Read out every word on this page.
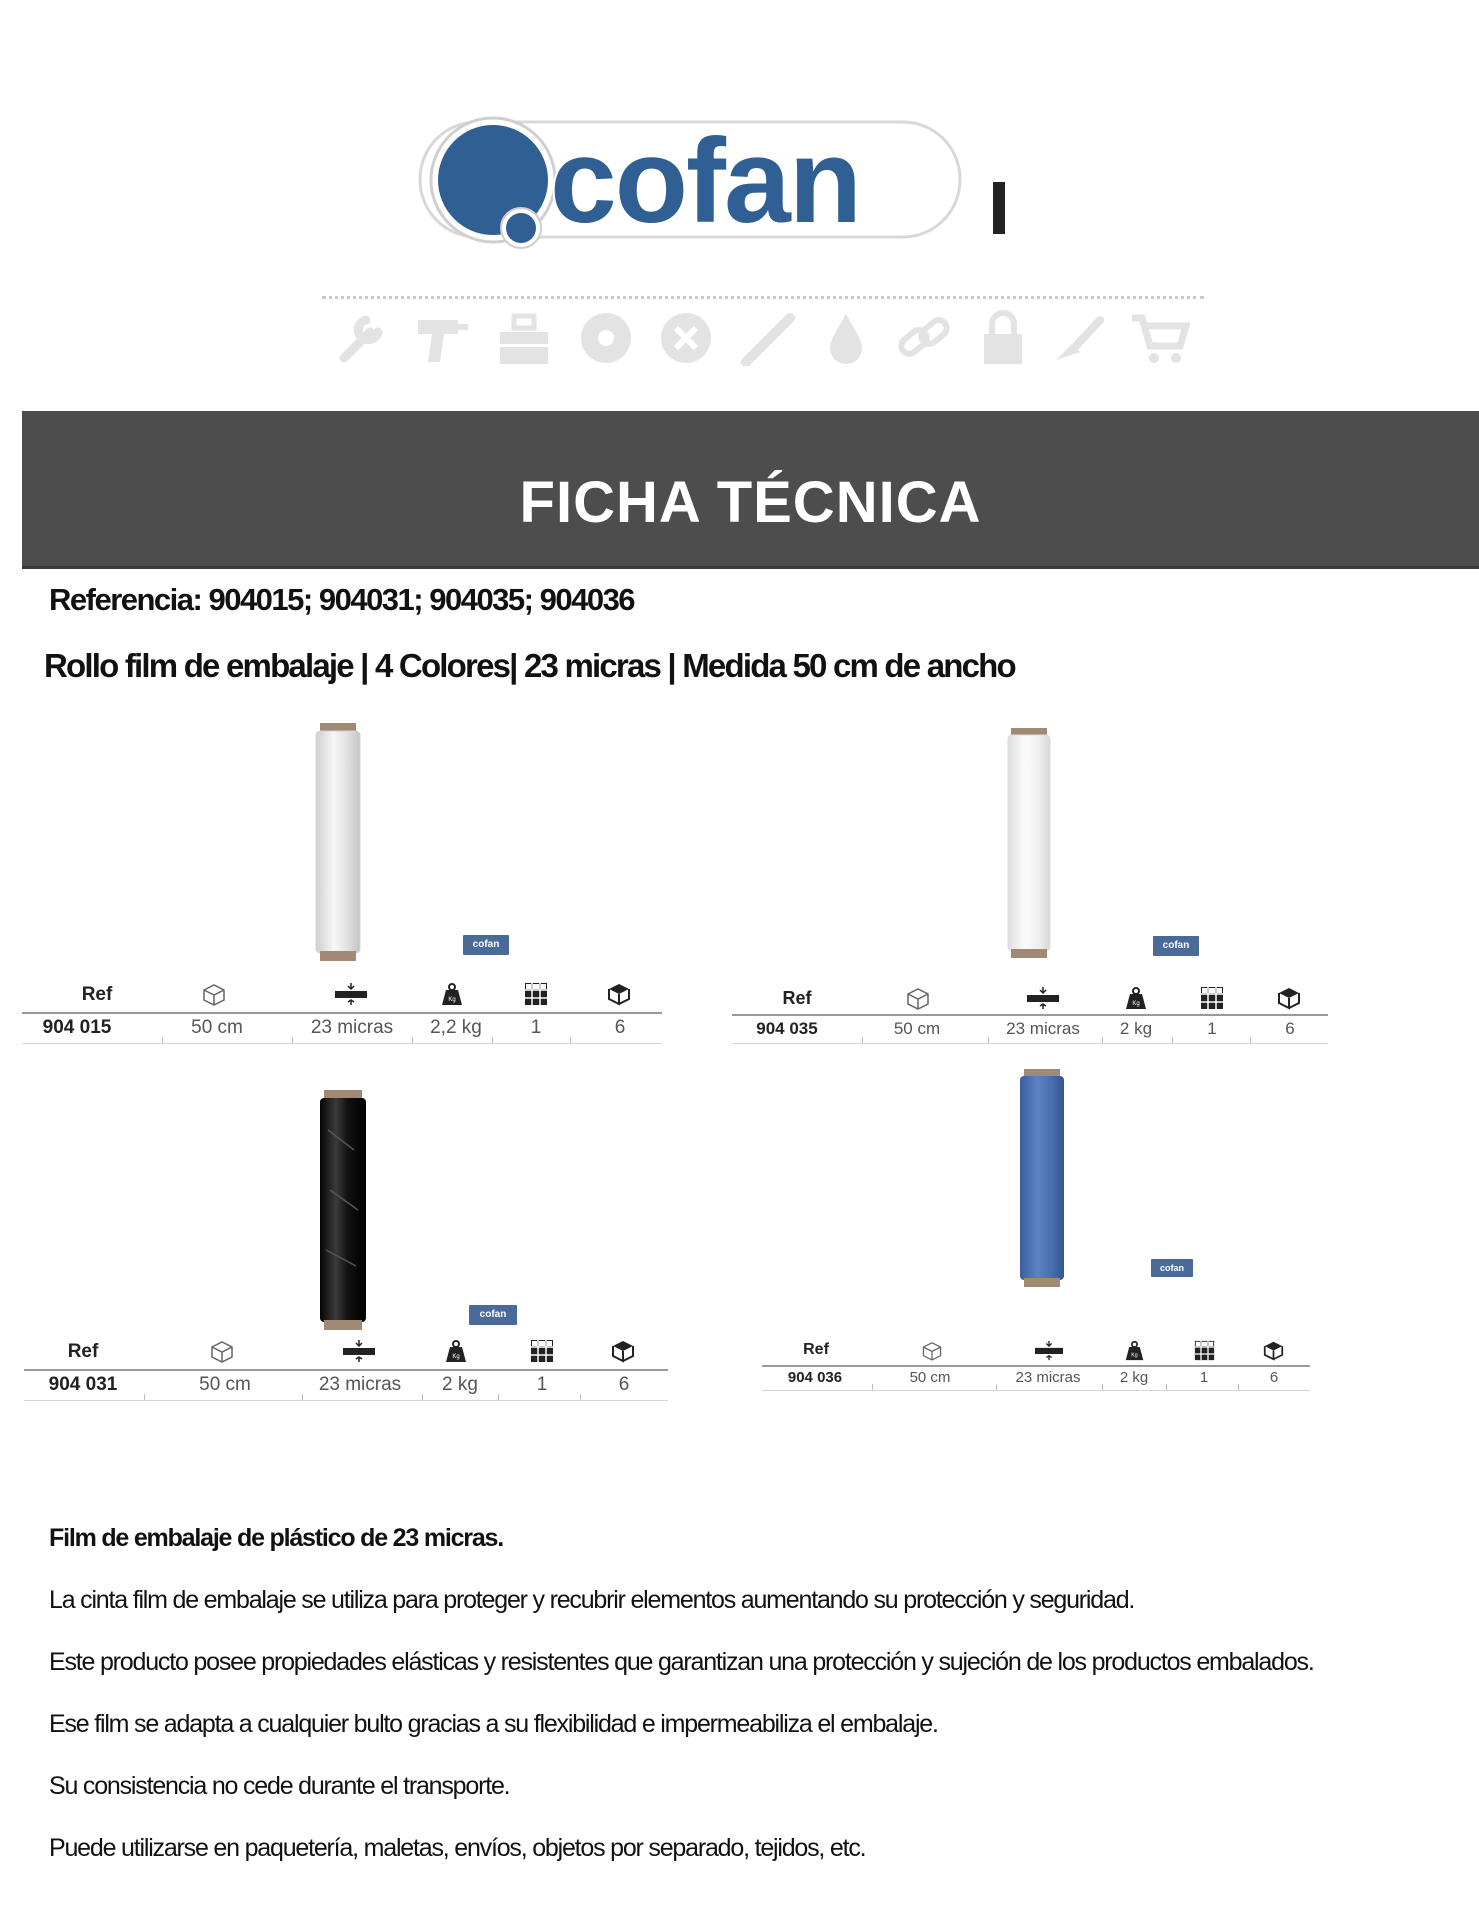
cofan
FICHA TÉCNICA
Referencia: 904015; 904031; 904035; 904036
Rollo film de embalaje | 4 Colores| 23 micras | Medida 50 cm de ancho
cofan
Ref	Kg
904 015	50 cm	23 micras	2,2 kg	1	6
cofan
Ref	Kg
904 035	50 cm	23 micras	2 kg	1	6
cofan
Ref	Kg
904 031	50 cm	23 micras	2 kg	1	6
cofan
Ref	Kg
904 036	50 cm	23 micras	2 kg	1	6
Film de embalaje de plástico de 23 micras.
La cinta film de embalaje se utiliza para proteger y recubrir elementos aumentando su protección y seguridad.
Este producto posee propiedades elásticas y resistentes que garantizan una protección y sujeción de los productos embalados.
Ese film se adapta a cualquier bulto gracias a su flexibilidad e impermeabiliza el embalaje.
Su consistencia no cede durante el transporte.
Puede utilizarse en paquetería, maletas, envíos, objetos por separado, tejidos, etc.
